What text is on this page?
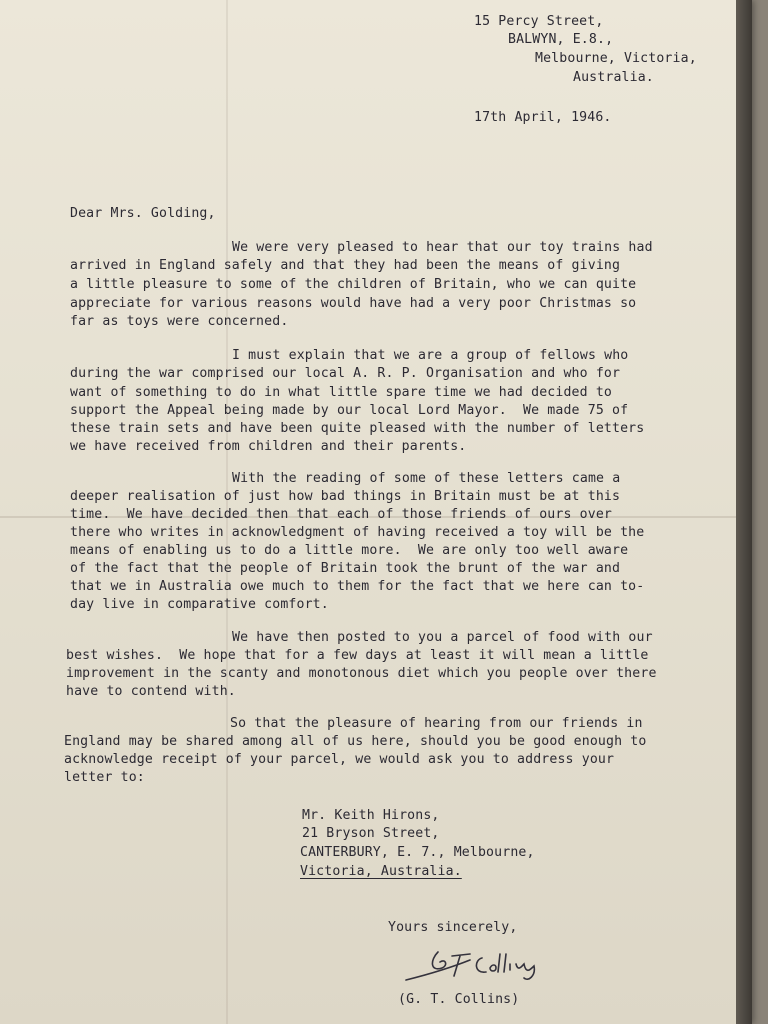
15 Percy Street,
BALWYN, E.8.,
Melbourne, Victoria,
Australia.
17th April, 1946.
Dear Mrs. Golding,
We were very pleased to hear that our toy trains had
arrived in England safely and that they had been the means of giving
a little pleasure to some of the children of Britain, who we can quite
appreciate for various reasons would have had a very poor Christmas so
far as toys were concerned.
I must explain that we are a group of fellows who
during the war comprised our local A. R. P. Organisation and who for
want of something to do in what little spare time we had decided to
support the Appeal being made by our local Lord Mayor.  We made 75 of
these train sets and have been quite pleased with the number of letters
we have received from children and their parents.
With the reading of some of these letters came a
deeper realisation of just how bad things in Britain must be at this
time.  We have decided then that each of those friends of ours over
there who writes in acknowledgment of having received a toy will be the
means of enabling us to do a little more.  We are only too well aware
of the fact that the people of Britain took the brunt of the war and
that we in Australia owe much to them for the fact that we here can to-
day live in comparative comfort.
We have then posted to you a parcel of food with our
best wishes.  We hope that for a few days at least it will mean a little
improvement in the scanty and monotonous diet which you people over there
have to contend with.
So that the pleasure of hearing from our friends in
England may be shared among all of us here, should you be good enough to
acknowledge receipt of your parcel, we would ask you to address your
letter to:
Mr. Keith Hirons,
21 Bryson Street,
CANTERBURY, E. 7., Melbourne,
Victoria, Australia.
Yours sincerely,
(G. T. Collins)
